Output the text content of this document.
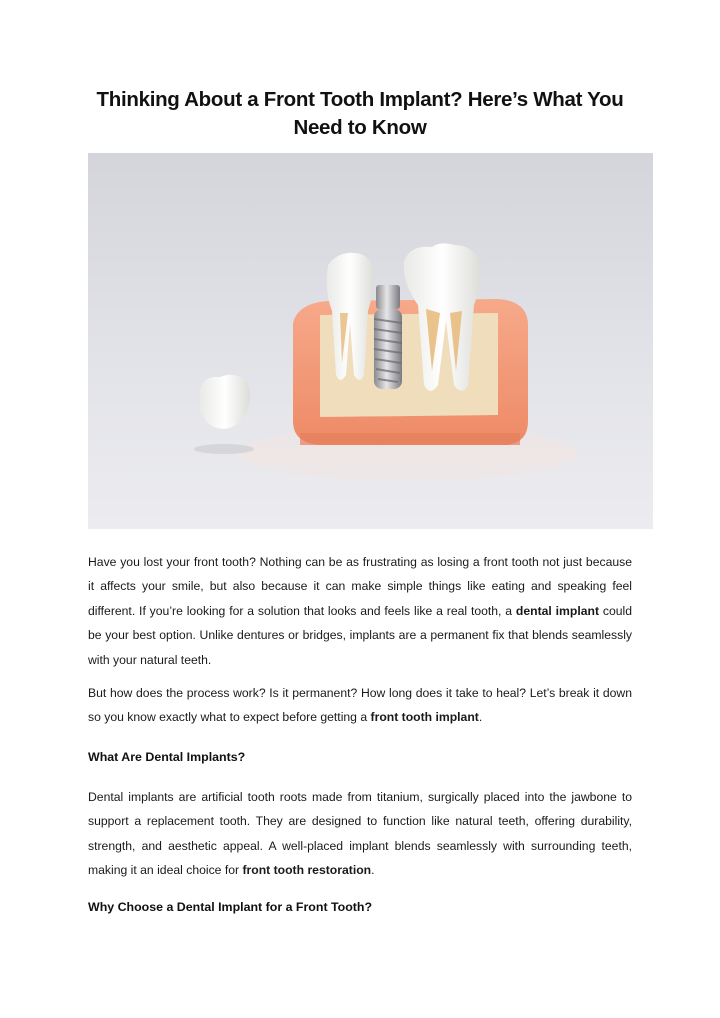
Thinking About a Front Tooth Implant? Here’s What You Need to Know

Have you lost your front tooth? Nothing can be as frustrating as losing a front tooth not just because it affects your smile, but also because it can make simple things like eating and speaking feel different. If you’re looking for a solution that looks and feels like a real tooth, a dental implant could be your best option. Unlike dentures or bridges, implants are a permanent fix that blends seamlessly with your natural teeth.

But how does the process work? Is it permanent? How long does it take to heal? Let’s break it down so you know exactly what to expect before getting a front tooth implant.

What Are Dental Implants?

Dental implants are artificial tooth roots made from titanium, surgically placed into the jawbone to support a replacement tooth. They are designed to function like natural teeth, offering durability, strength, and aesthetic appeal. A well-placed implant blends seamlessly with surrounding teeth, making it an ideal choice for front tooth restoration.

Why Choose a Dental Implant for a Front Tooth?
